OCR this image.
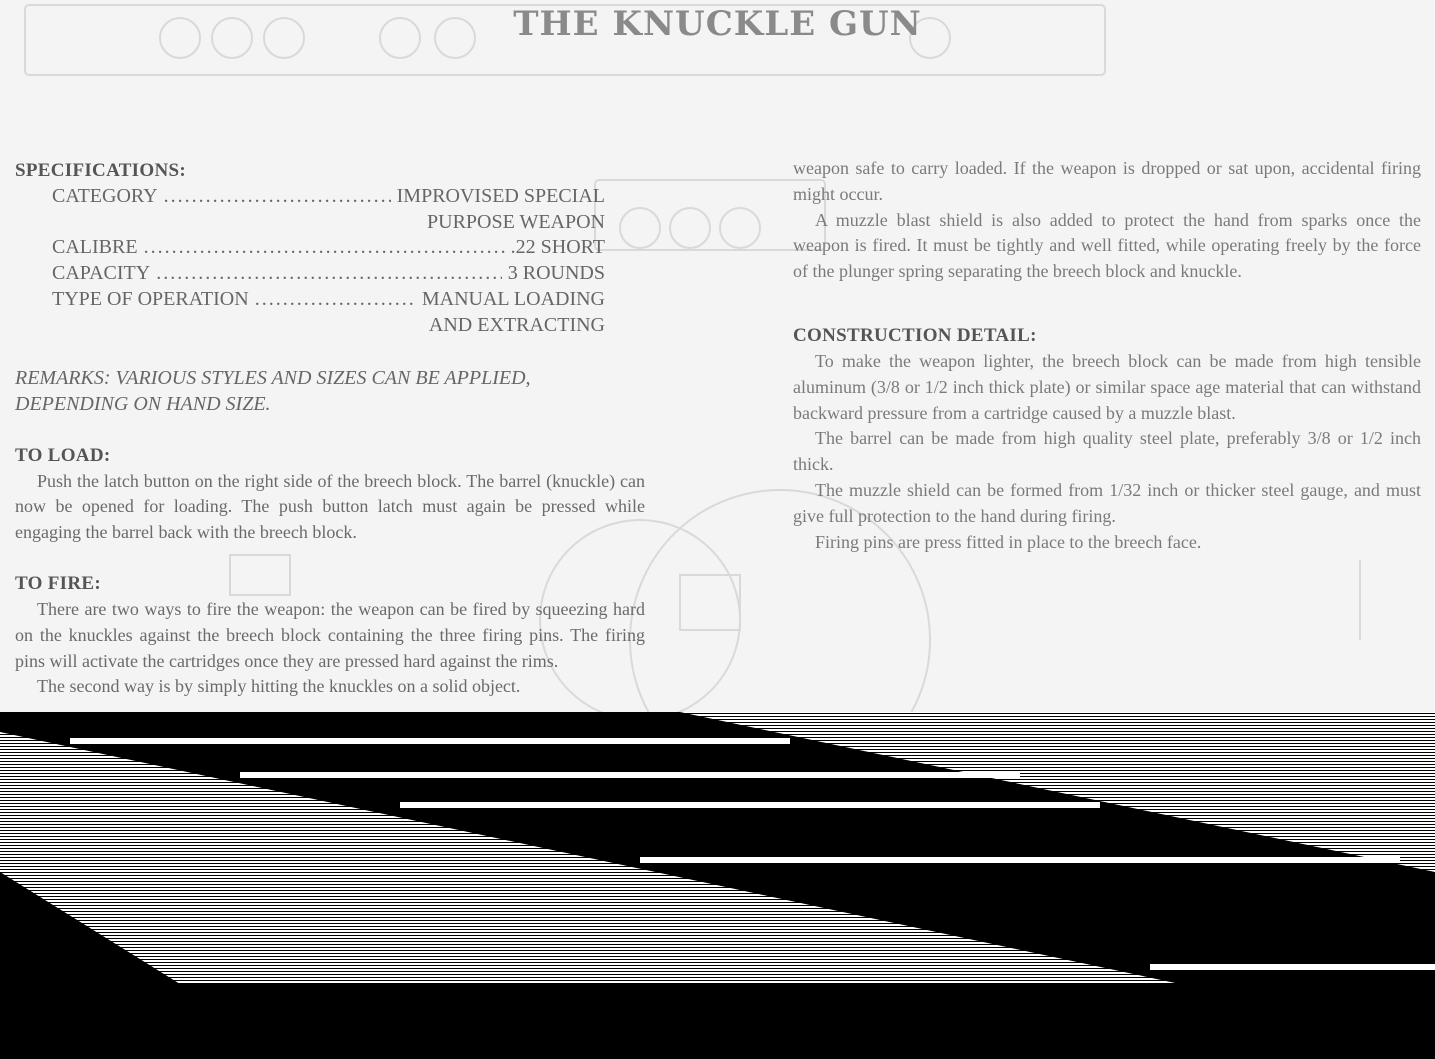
THE KNUCKLE GUN
SPECIFICATIONS:
CATEGORY .....	IMPROVISED SPECIAL
PURPOSE WEAPON
CALIBRE .....	.22 SHORT
CAPACITY .....	3 ROUNDS
TYPE OF OPERATION .....	MANUAL LOADING
AND EXTRACTING
REMARKS: VARIOUS STYLES AND SIZES CAN BE APPLIED, DEPENDING ON HAND SIZE.
TO LOAD:

Push the latch button on the right side of the breech block. The barrel (knuckle) can now be opened for loading. The push button latch must again be pressed while engaging the barrel back with the breech block.

TO FIRE:

There are two ways to fire the weapon: the weapon can be fired by squeezing hard on the knuckles against the breech block containing the three firing pins. The firing pins will activate the cartridges once they are pressed hard against the rims.

The second way is by simply hitting the knuckles on a solid object.

weapon safe to carry loaded. If the weapon is dropped or sat upon, accidental firing might occur.

A muzzle blast shield is also added to protect the hand from sparks once the weapon is fired. It must be tightly and well fitted, while operating freely by the force of the plunger spring separating the breech block and knuckle.

CONSTRUCTION DETAIL:

To make the weapon lighter, the breech block can be made from high tensible aluminum (3/8 or 1/2 inch thick plate) or similar space age material that can withstand backward pressure from a cartridge caused by a muzzle blast.

The barrel can be made from high quality steel plate, preferably 3/8 or 1/2 inch thick.

The muzzle shield can be formed from 1/32 inch or thicker steel gauge, and must give full protection to the hand during firing.

Firing pins are press fitted in place to the breech face.
